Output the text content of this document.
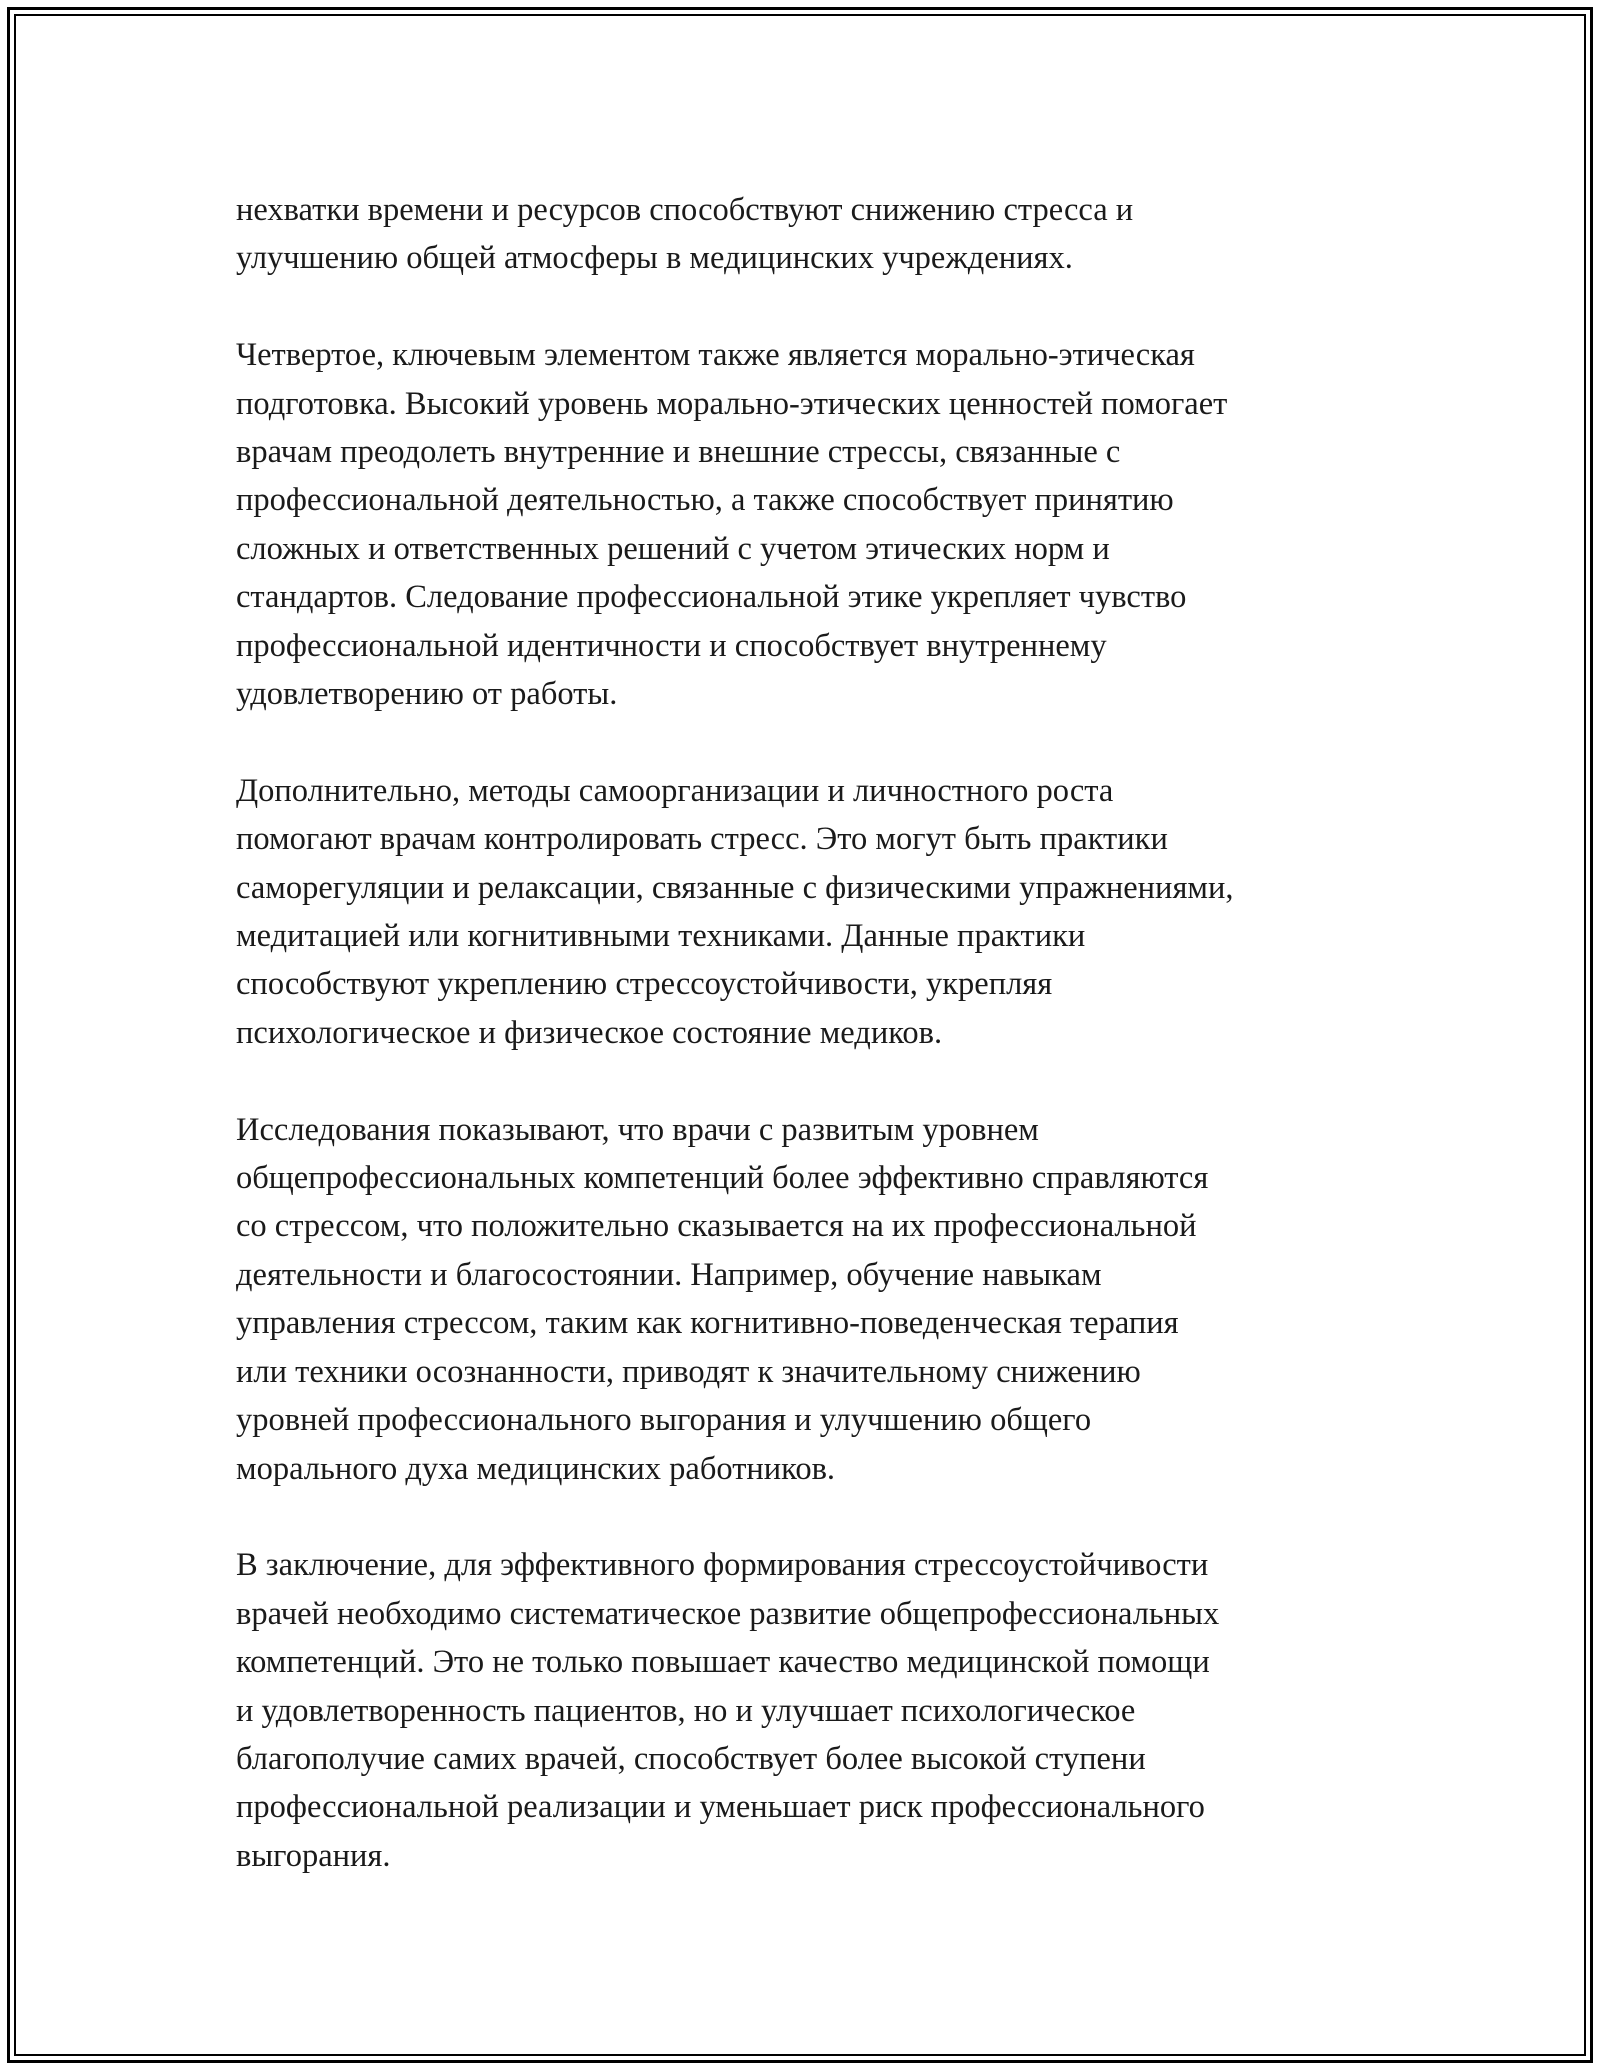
нехватки времени и ресурсов способствуют снижению стресса и
улучшению общей атмосферы в медицинских учреждениях.

Четвертое, ключевым элементом также является морально-этическая
подготовка. Высокий уровень морально-этических ценностей помогает
врачам преодолеть внутренние и внешние стрессы, связанные с
профессиональной деятельностью, а также способствует принятию
сложных и ответственных решений с учетом этических норм и
стандартов. Следование профессиональной этике укрепляет чувство
профессиональной идентичности и способствует внутреннему
удовлетворению от работы.

Дополнительно, методы самоорганизации и личностного роста
помогают врачам контролировать стресс. Это могут быть практики
саморегуляции и релаксации, связанные с физическими упражнениями,
медитацией или когнитивными техниками. Данные практики
способствуют укреплению стрессоустойчивости, укрепляя
психологическое и физическое состояние медиков.

Исследования показывают, что врачи с развитым уровнем
общепрофессиональных компетенций более эффективно справляются
со стрессом, что положительно сказывается на их профессиональной
деятельности и благосостоянии. Например, обучение навыкам
управления стрессом, таким как когнитивно-поведенческая терапия
или техники осознанности, приводят к значительному снижению
уровней профессионального выгорания и улучшению общего
морального духа медицинских работников.

В заключение, для эффективного формирования стрессоустойчивости
врачей необходимо систематическое развитие общепрофессиональных
компетенций. Это не только повышает качество медицинской помощи
и удовлетворенность пациентов, но и улучшает психологическое
благополучие самих врачей, способствует более высокой ступени
профессиональной реализации и уменьшает риск профессионального
выгорания.
